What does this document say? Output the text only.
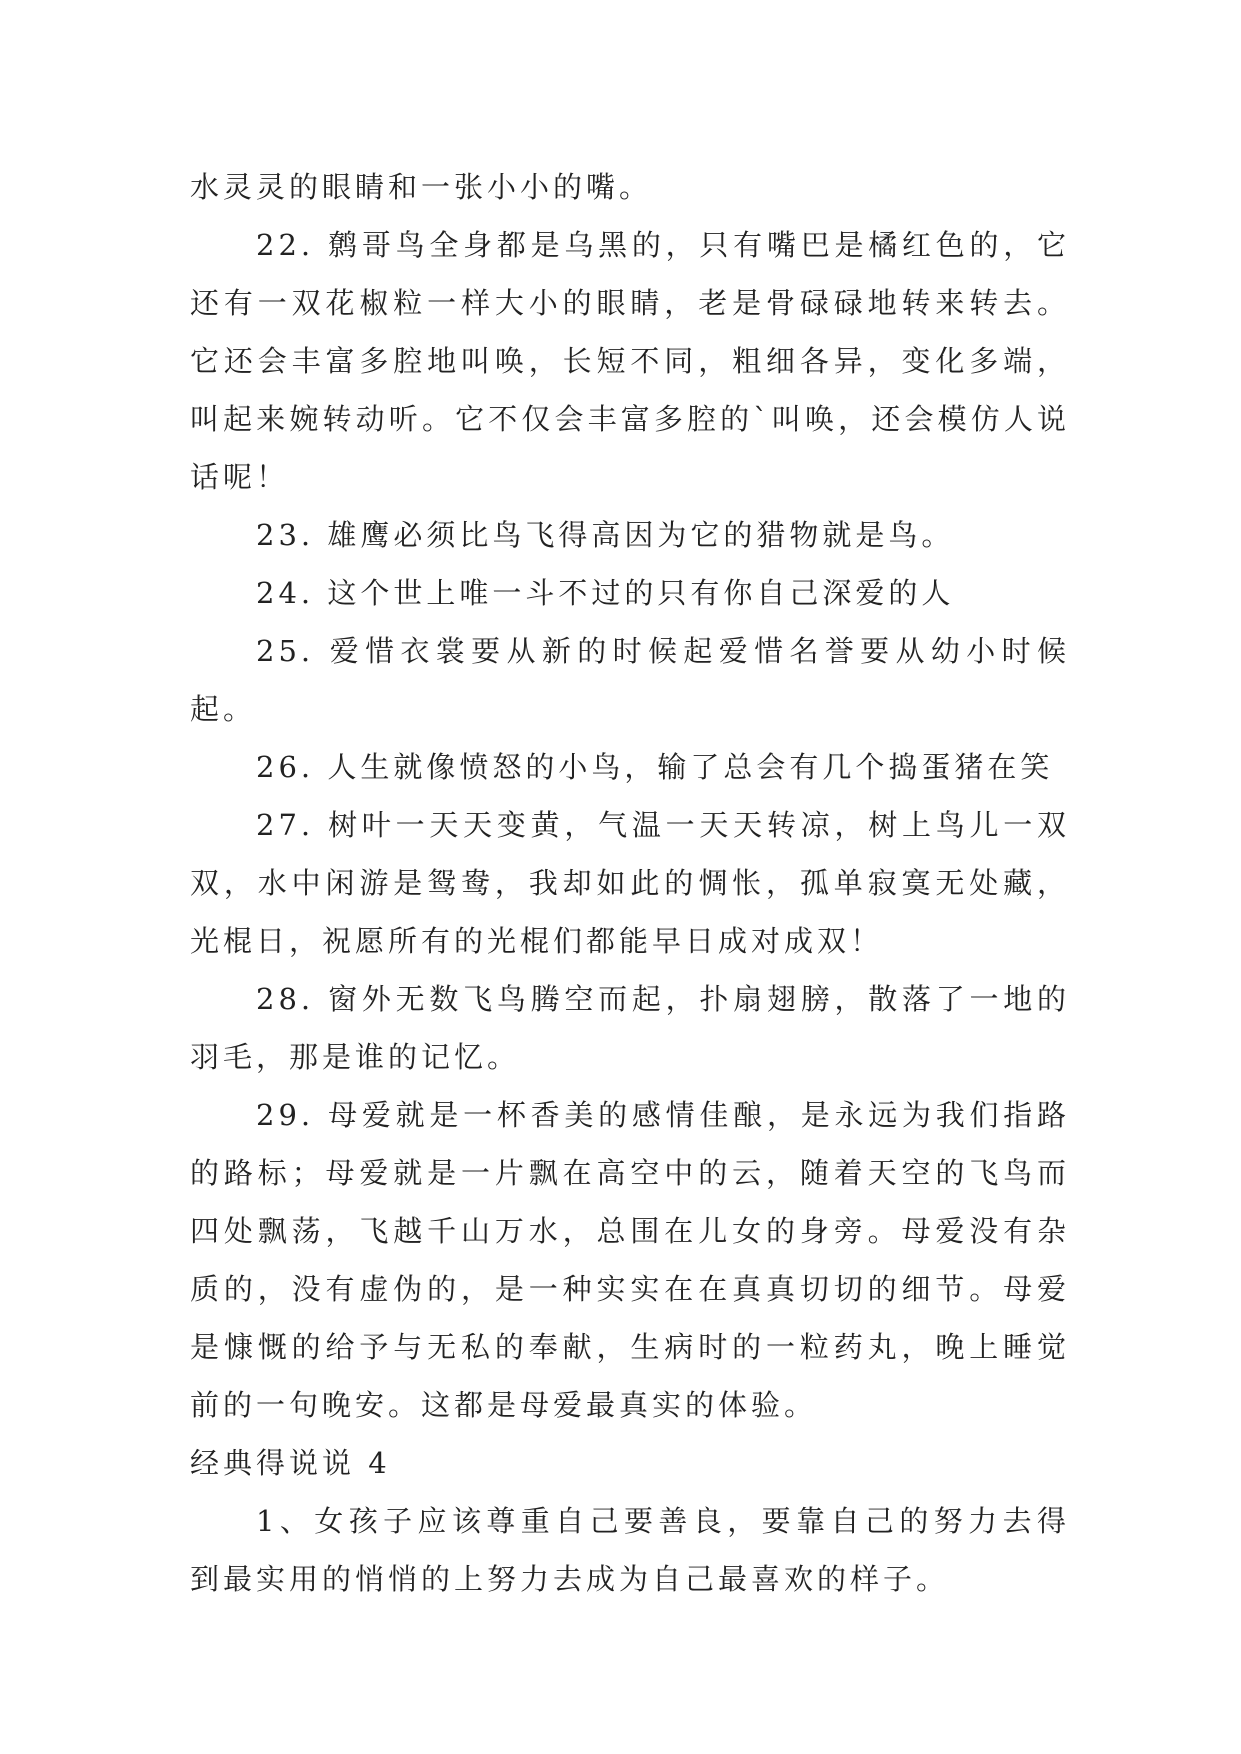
水灵灵的眼睛和一张小小的嘴。

22. 鹩哥鸟全身都是乌黑的，只有嘴巴是橘红色的，它还有一双花椒粒一样大小的眼睛，老是骨碌碌地转来转去。它还会丰富多腔地叫唤，长短不同，粗细各异，变化多端，叫起来婉转动听。它不仅会丰富多腔的`叫唤，还会模仿人说话呢！

23. 雄鹰必须比鸟飞得高因为它的猎物就是鸟。

24. 这个世上唯一斗不过的只有你自己深爱的人

25. 爱惜衣裳要从新的时候起爱惜名誉要从幼小时候起。

26. 人生就像愤怒的小鸟，输了总会有几个捣蛋猪在笑

27. 树叶一天天变黄，气温一天天转凉，树上鸟儿一双双，水中闲游是鸳鸯，我却如此的惆怅，孤单寂寞无处藏，光棍日，祝愿所有的光棍们都能早日成对成双！

28. 窗外无数飞鸟腾空而起，扑扇翅膀，散落了一地的羽毛，那是谁的记忆。

29. 母爱就是一杯香美的感情佳酿，是永远为我们指路的路标；母爱就是一片飘在高空中的云，随着天空的飞鸟而四处飘荡，飞越千山万水，总围在儿女的身旁。母爱没有杂质的，没有虚伪的，是一种实实在在真真切切的细节。母爱是慷慨的给予与无私的奉献，生病时的一粒药丸，晚上睡觉前的一句晚安。这都是母爱最真实的体验。

经典得说说 4

1、女孩子应该尊重自己要善良，要靠自己的努力去得到最实用的悄悄的上努力去成为自己最喜欢的样子。
